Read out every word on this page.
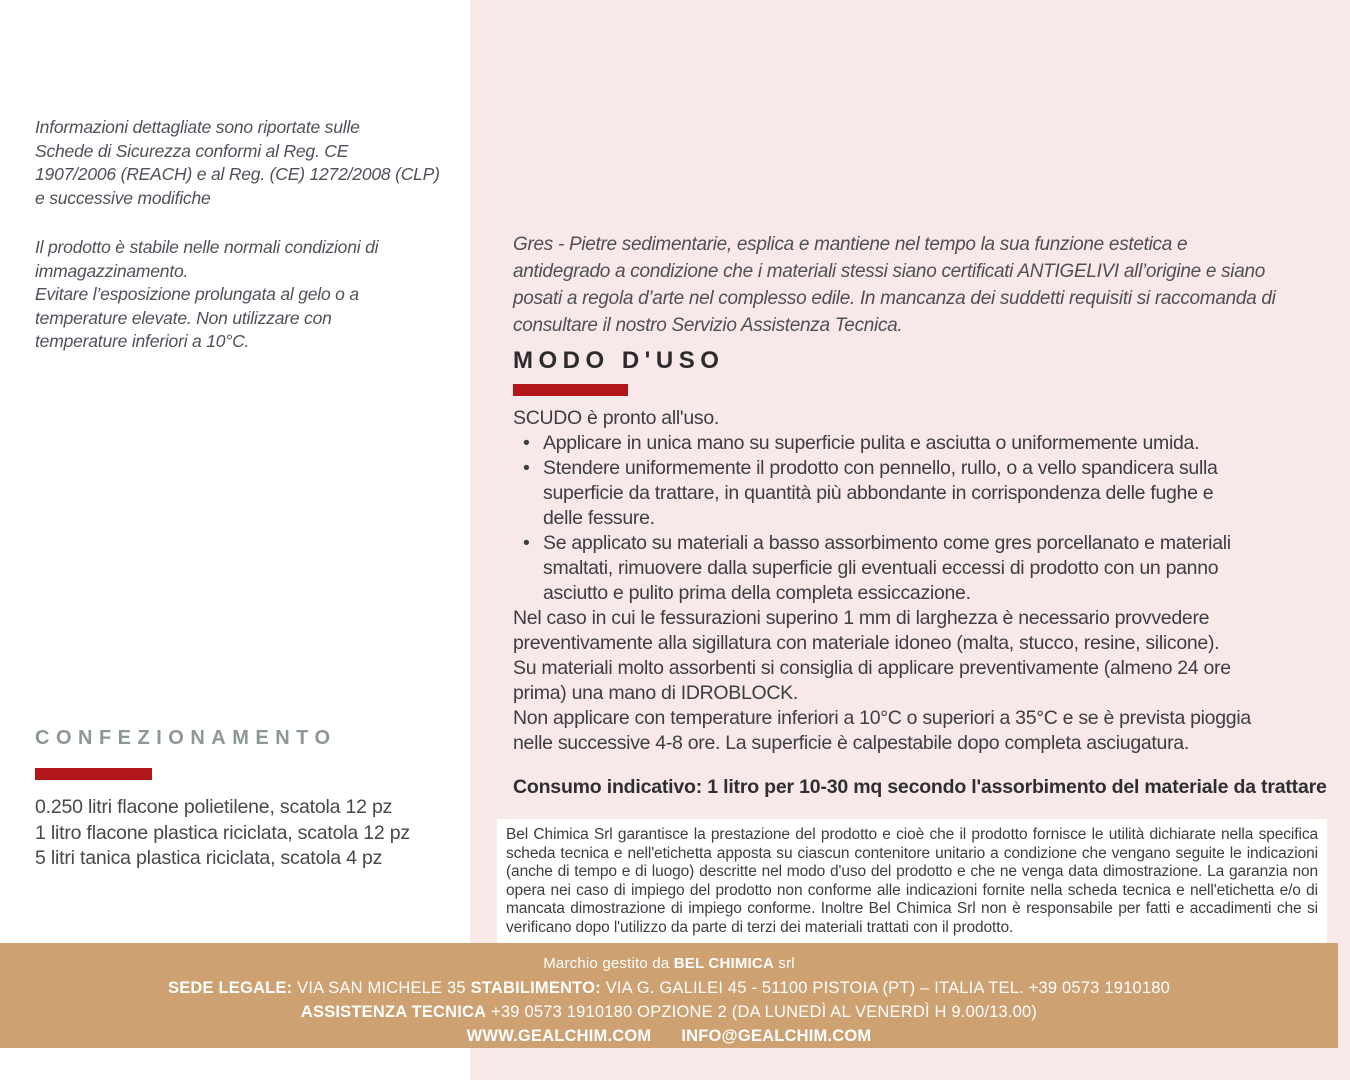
Informazioni dettagliate sono riportate sulle
Schede di Sicurezza conformi al Reg. CE
1907/2006 (REACH) e al Reg. (CE) 1272/2008 (CLP)
e successive modifiche
Il prodotto è stabile nelle normali condizioni di
immagazzinamento.
Evitare l’esposizione prolungata al gelo o a
temperature elevate. Non utilizzare con
temperature inferiori a 10°C.
CONFEZIONAMENTO
0.250 litri flacone polietilene, scatola 12 pz
1 litro flacone plastica riciclata, scatola 12 pz
5 litri tanica plastica riciclata, scatola 4 pz
Gres - Pietre sedimentarie, esplica e mantiene nel tempo la sua funzione estetica e
antidegrado a condizione che i materiali stessi siano certificati ANTIGELIVI all’origine e siano
posati a regola d’arte nel complesso edile. In mancanza dei suddetti requisiti si raccomanda di
consultare il nostro Servizio Assistenza Tecnica.
MODO D'USO
SCUDO è pronto all'uso.
• Applicare in unica mano su superficie pulita e asciutta o uniformemente umida.
• Stendere uniformemente il prodotto con pennello, rullo, o a vello spandicera sulla
superficie da trattare, in quantità più abbondante in corrispondenza delle fughe e
delle fessure.
• Se applicato su materiali a basso assorbimento come gres porcellanato e materiali
smaltati, rimuovere dalla superficie gli eventuali eccessi di prodotto con un panno
asciutto e pulito prima della completa essiccazione.
Nel caso in cui le fessurazioni superino 1 mm di larghezza è necessario provvedere
preventivamente alla sigillatura con materiale idoneo (malta, stucco, resine, silicone).
Su materiali molto assorbenti si consiglia di applicare preventivamente (almeno 24 ore
prima) una mano di IDROBLOCK.
Non applicare con temperature inferiori a 10°C o superiori a 35°C e se è prevista pioggia
nelle successive 4-8 ore. La superficie è calpestabile dopo completa asciugatura.
Consumo indicativo: 1 litro per 10-30 mq secondo l'assorbimento del materiale da trattare
Bel Chimica Srl garantisce la prestazione del prodotto e cioè che il prodotto fornisce le utilità dichiarate nella specifica scheda tecnica e nell'etichetta apposta su ciascun contenitore unitario a condizione che vengano seguite le indicazioni (anche di tempo e di luogo) descritte nel modo d'uso del prodotto e che ne venga data dimostrazione. La garanzia non opera nei caso di impiego del prodotto non conforme alle indicazioni fornite nella scheda tecnica e nell'etichetta e/o di mancata dimostrazione di impiego conforme. Inoltre Bel Chimica Srl non è responsabile per fatti e accadimenti che si verificano dopo l'utilizzo da parte di terzi dei materiali trattati con il prodotto.
Marchio gestito da BEL CHIMICA srl
SEDE LEGALE: VIA SAN MICHELE 35 STABILIMENTO: VIA G. GALILEI 45 - 51100 PISTOIA (PT) – ITALIA TEL. +39 0573 1910180
ASSISTENZA TECNICA +39 0573 1910180 OPZIONE 2 (DA LUNEDÌ AL VENERDÌ H 9.00/13.00)
WWW.GEALCHIM.COM INFO@GEALCHIM.COM
